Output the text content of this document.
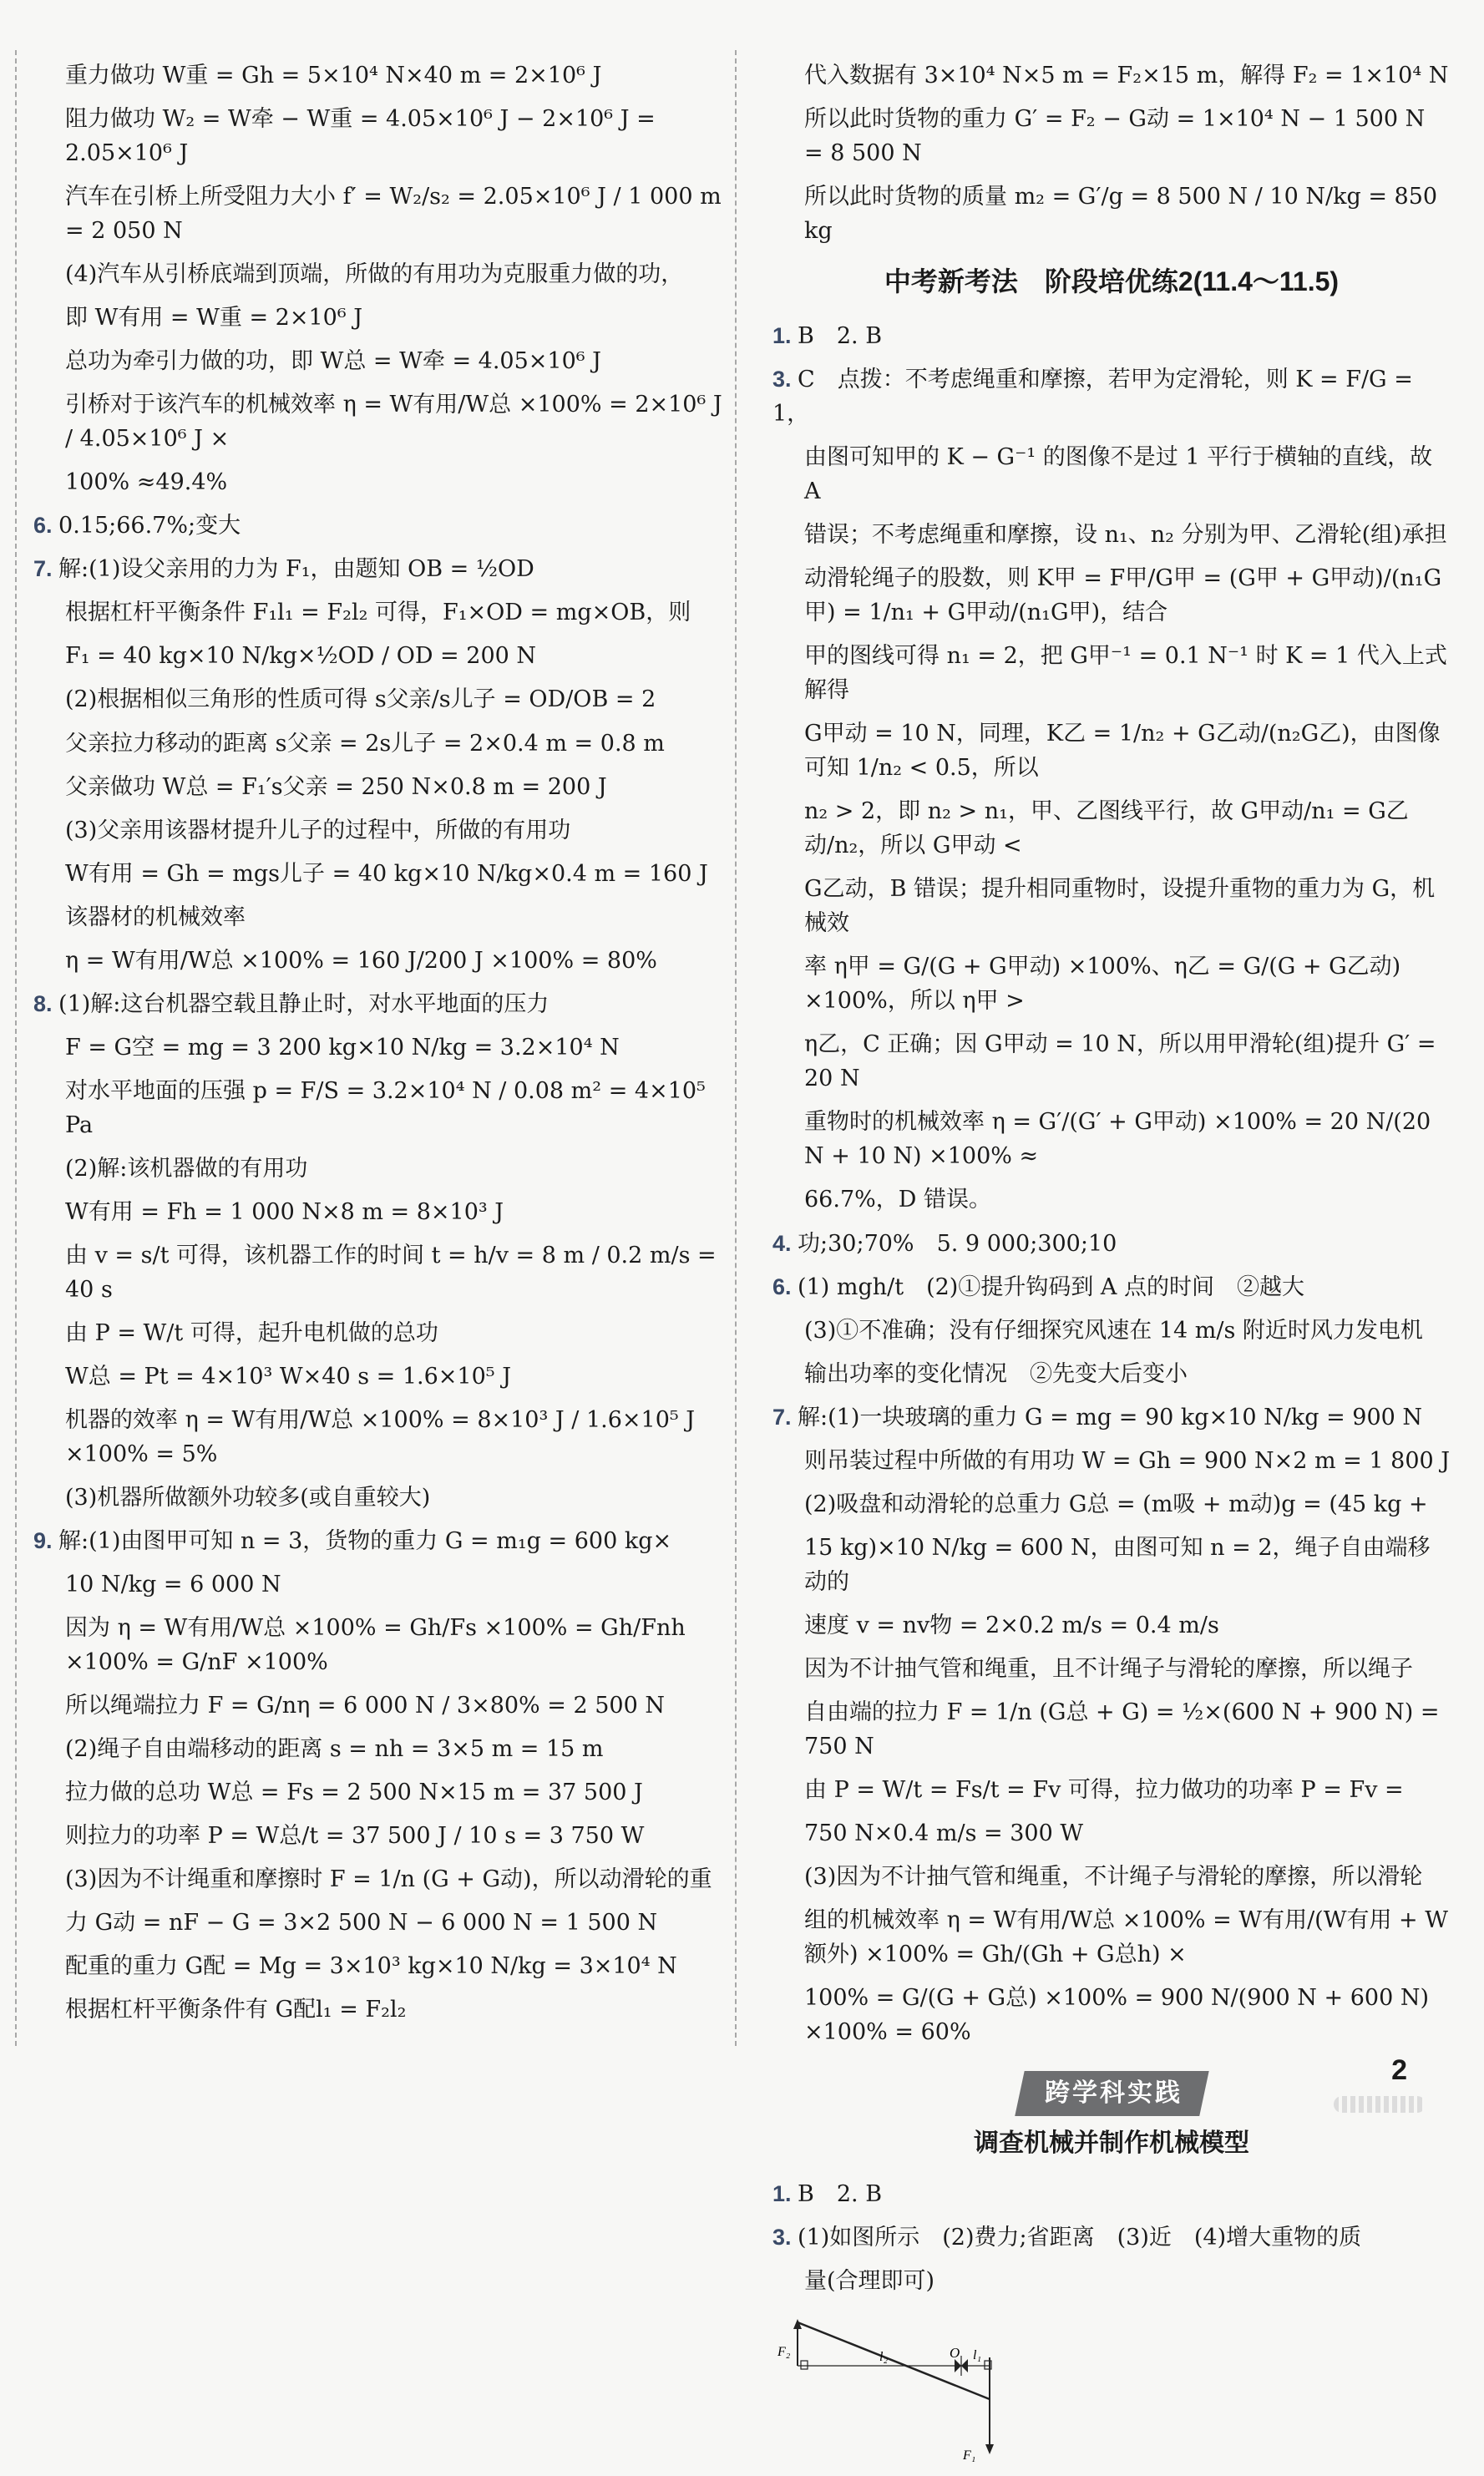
重力做功 W重 = Gh = 5×10⁴ N×40 m = 2×10⁶ J
阻力做功 W₂ = W牵 − W重 = 4.05×10⁶ J − 2×10⁶ J = 2.05×10⁶ J
汽车在引桥上所受阻力大小 f′ = W₂/s₂ = 2.05×10⁶ J / 1 000 m = 2 050 N
(4)汽车从引桥底端到顶端，所做的有用功为克服重力做的功，
即 W有用 = W重 = 2×10⁶ J
总功为牵引力做的功，即 W总 = W牵 = 4.05×10⁶ J
引桥对于该汽车的机械效率 η = W有用/W总 ×100% = 2×10⁶ J / 4.05×10⁶ J ×
100% ≈49.4%
6. 0.15;66.7%;变大
7. 解:(1)设父亲用的力为 F₁，由题知 OB = ½OD
根据杠杆平衡条件 F₁l₁ = F₂l₂ 可得，F₁×OD = mg×OB，则
F₁ = 40 kg×10 N/kg×½OD / OD = 200 N
(2)根据相似三角形的性质可得 s父亲/s儿子 = OD/OB = 2
父亲拉力移动的距离 s父亲 = 2s儿子 = 2×0.4 m = 0.8 m
父亲做功 W总 = F₁′s父亲 = 250 N×0.8 m = 200 J
(3)父亲用该器材提升儿子的过程中，所做的有用功
W有用 = Gh = mgs儿子 = 40 kg×10 N/kg×0.4 m = 160 J
该器材的机械效率
η = W有用/W总 ×100% = 160 J/200 J ×100% = 80%
8. (1)解:这台机器空载且静止时，对水平地面的压力
F = G空 = mg = 3 200 kg×10 N/kg = 3.2×10⁴ N
对水平地面的压强 p = F/S = 3.2×10⁴ N / 0.08 m² = 4×10⁵ Pa
(2)解:该机器做的有用功
W有用 = Fh = 1 000 N×8 m = 8×10³ J
由 v = s/t 可得，该机器工作的时间 t = h/v = 8 m / 0.2 m/s = 40 s
由 P = W/t 可得，起升电机做的总功
W总 = Pt = 4×10³ W×40 s = 1.6×10⁵ J
机器的效率 η = W有用/W总 ×100% = 8×10³ J / 1.6×10⁵ J ×100% = 5%
(3)机器所做额外功较多(或自重较大)
9. 解:(1)由图甲可知 n = 3，货物的重力 G = m₁g = 600 kg×
10 N/kg = 6 000 N
因为 η = W有用/W总 ×100% = Gh/Fs ×100% = Gh/Fnh ×100% = G/nF ×100%
所以绳端拉力 F = G/nη = 6 000 N / 3×80% = 2 500 N
(2)绳子自由端移动的距离 s = nh = 3×5 m = 15 m
拉力做的总功 W总 = Fs = 2 500 N×15 m = 37 500 J
则拉力的功率 P = W总/t = 37 500 J / 10 s = 3 750 W
(3)因为不计绳重和摩擦时 F = 1/n (G + G动)，所以动滑轮的重
力 G动 = nF − G = 3×2 500 N − 6 000 N = 1 500 N
配重的重力 G配 = Mg = 3×10³ kg×10 N/kg = 3×10⁴ N
根据杠杆平衡条件有 G配l₁ = F₂l₂
代入数据有 3×10⁴ N×5 m = F₂×15 m，解得 F₂ = 1×10⁴ N
所以此时货物的重力 G′ = F₂ − G动 = 1×10⁴ N − 1 500 N = 8 500 N
所以此时货物的质量 m₂ = G′/g = 8 500 N / 10 N/kg = 850 kg
中考新考法　阶段培优练2(11.4～11.5)
1. B　2. B
3. C　点拨：不考虑绳重和摩擦，若甲为定滑轮，则 K = F/G = 1，
由图可知甲的 K − G⁻¹ 的图像不是过 1 平行于横轴的直线，故 A
错误；不考虑绳重和摩擦，设 n₁、n₂ 分别为甲、乙滑轮(组)承担
动滑轮绳子的股数，则 K甲 = F甲/G甲 = (G甲 + G甲动)/(n₁G甲) = 1/n₁ + G甲动/(n₁G甲)，结合
甲的图线可得 n₁ = 2，把 G甲⁻¹ = 0.1 N⁻¹ 时 K = 1 代入上式解得
G甲动 = 10 N，同理，K乙 = 1/n₂ + G乙动/(n₂G乙)，由图像可知 1/n₂ < 0.5，所以
n₂ > 2，即 n₂ > n₁，甲、乙图线平行，故 G甲动/n₁ = G乙动/n₂，所以 G甲动 <
G乙动，B 错误；提升相同重物时，设提升重物的重力为 G，机械效
率 η甲 = G/(G + G甲动) ×100%、η乙 = G/(G + G乙动) ×100%，所以 η甲 >
η乙，C 正确；因 G甲动 = 10 N，所以用甲滑轮(组)提升 G′ = 20 N
重物时的机械效率 η = G′/(G′ + G甲动) ×100% = 20 N/(20 N + 10 N) ×100% ≈
66.7%，D 错误。
4. 功;30;70%　5. 9 000;300;10
6. (1) mgh/t　(2)①提升钩码到 A 点的时间　②越大
(3)①不准确；没有仔细探究风速在 14 m/s 附近时风力发电机
输出功率的变化情况　②先变大后变小
7. 解:(1)一块玻璃的重力 G = mg = 90 kg×10 N/kg = 900 N
则吊装过程中所做的有用功 W = Gh = 900 N×2 m = 1 800 J
(2)吸盘和动滑轮的总重力 G总 = (m吸 + m动)g = (45 kg +
15 kg)×10 N/kg = 600 N，由图可知 n = 2，绳子自由端移动的
速度 v = nv物 = 2×0.2 m/s = 0.4 m/s
因为不计抽气管和绳重，且不计绳子与滑轮的摩擦，所以绳子
自由端的拉力 F = 1/n (G总 + G) = ½×(600 N + 900 N) = 750 N
由 P = W/t = Fs/t = Fv 可得，拉力做功的功率 P = Fv =
750 N×0.4 m/s = 300 W
(3)因为不计抽气管和绳重，不计绳子与滑轮的摩擦，所以滑轮
组的机械效率 η = W有用/W总 ×100% = W有用/(W有用 + W额外) ×100% = Gh/(Gh + G总h) ×
100% = G/(G + G总) ×100% = 900 N/(900 N + 600 N) ×100% = 60%
跨学科实践
调查机械并制作机械模型
1. B　2. B
3. (1)如图所示　(2)费力;省距离　(3)近　(4)增大重物的质
量(合理即可)
F₂	l₂	O l₁
F₁
2
